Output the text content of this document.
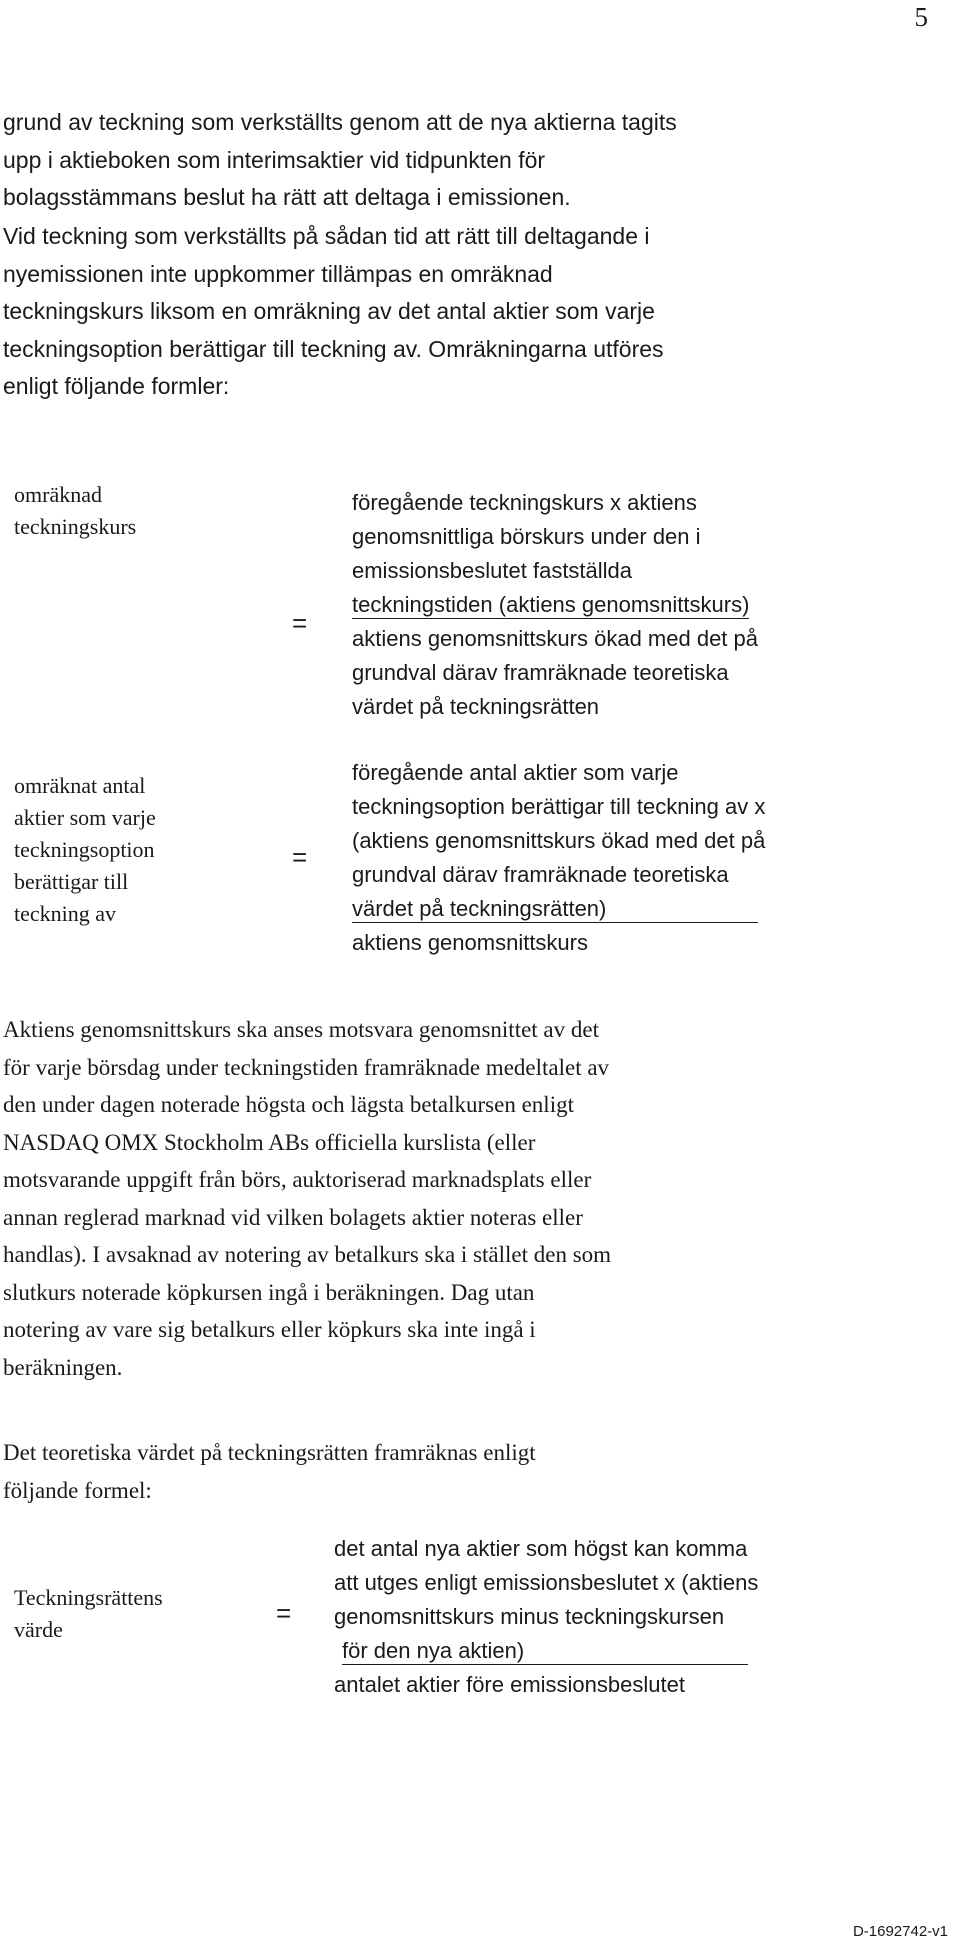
5
grund av teckning som verkställts genom att de nya aktierna tagits
upp i aktieboken som interimsaktier vid tidpunkten för
bolagsstämmans beslut ha rätt att deltaga i emissionen.
Vid teckning som verkställts på sådan tid att rätt till deltagande i
nyemissionen inte uppkommer tillämpas en omräknad
teckningskurs liksom en omräkning av det antal aktier som varje
teckningsoption berättigar till teckning av. Omräkningarna utföres
enligt följande formler:
omräknad
teckningskurs
=
föregående teckningskurs x aktiens
genomsnittliga börskurs under den i
emissionsbeslutet fastställda
teckningstiden (aktiens genomsnittskurs)
aktiens genomsnittskurs ökad med det på
grundval därav framräknade teoretiska
värdet på teckningsrätten
omräknat antal
aktier som varje
teckningsoption
berättigar till
teckning av
=
föregående antal aktier som varje
teckningsoption berättigar till teckning av x
(aktiens genomsnittskurs ökad med det på
grundval därav framräknade teoretiska
värdet på teckningsrätten)
aktiens genomsnittskurs
Aktiens genomsnittskurs ska anses motsvara genomsnittet av det
för varje börsdag under teckningstiden framräknade medeltalet av
den under dagen noterade högsta och lägsta betalkursen enligt
NASDAQ OMX Stockholm ABs officiella kurslista (eller
motsvarande uppgift från börs, auktoriserad marknadsplats eller
annan reglerad marknad vid vilken bolagets aktier noteras eller
handlas). I avsaknad av notering av betalkurs ska i stället den som
slutkurs noterade köpkursen ingå i beräkningen. Dag utan
notering av vare sig betalkurs eller köpkurs ska inte ingå i
beräkningen.
Det teoretiska värdet på teckningsrätten framräknas enligt
följande formel:
Teckningsrättens
värde
=
det antal nya aktier som högst kan komma
att utges enligt emissionsbeslutet x (aktiens
genomsnittskurs minus teckningskursen
för den nya aktien)
antalet aktier före emissionsbeslutet
D-1692742-v1
